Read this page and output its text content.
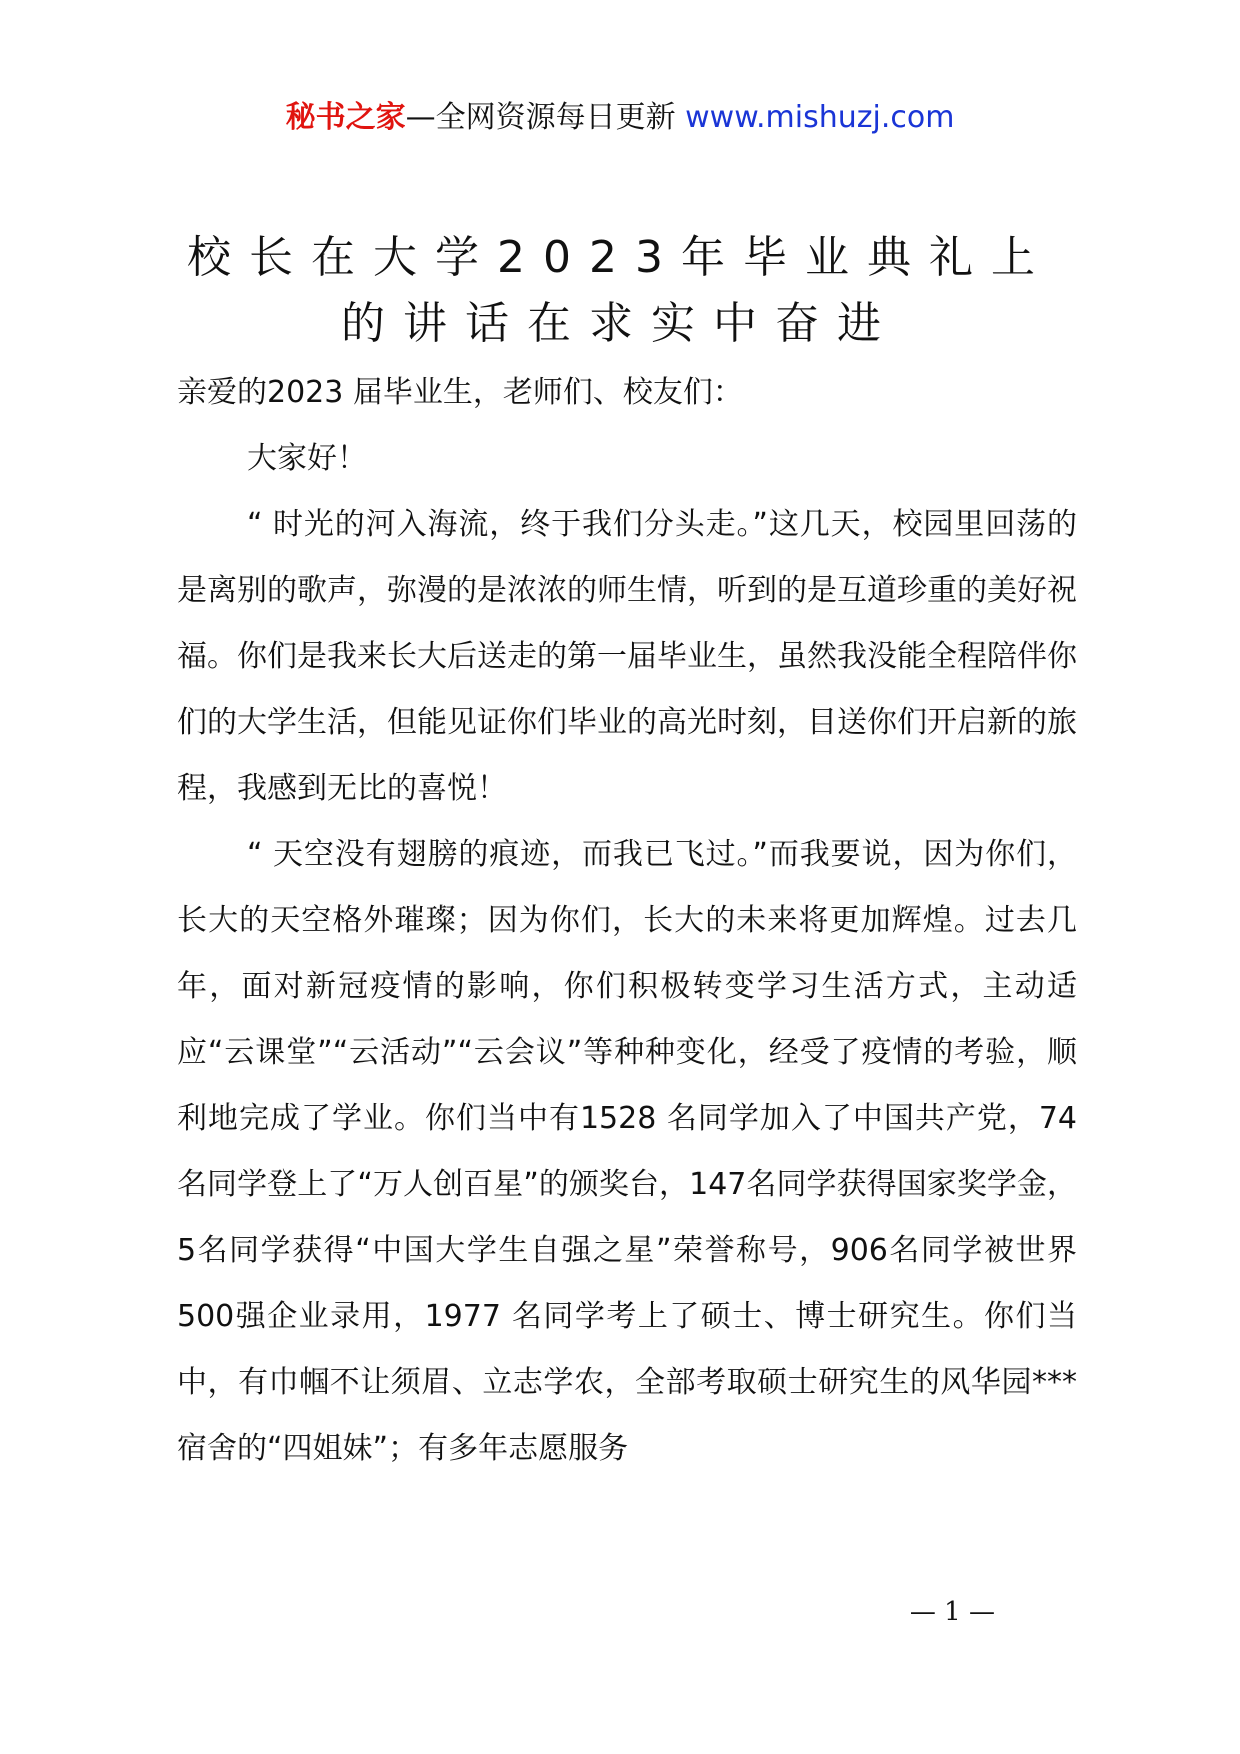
秘书之家—全网资源每日更新 www.mishuzj.com
校长在大学2023年毕业典礼上
的讲话在求实中奋进

亲爱的2023 届毕业生，老师们、校友们：

大家好！

“ 时光的河入海流，终于我们分头走。”这几天，校园里回荡的是离别的歌声，弥漫的是浓浓的师生情，听到的是互道珍重的美好祝福。你们是我来长大后送走的第一届毕业生，虽然我没能全程陪伴你们的大学生活，但能见证你们毕业的高光时刻，目送你们开启新的旅程，我感到无比的喜悦！

“ 天空没有翅膀的痕迹，而我已飞过。”而我要说，因为你们，长大的天空格外璀璨；因为你们，长大的未来将更加辉煌。过去几年，面对新冠疫情的影响，你们积极转变学习生活方式，主动适应“云课堂”“云活动”“云会议”等种种变化，经受了疫情的考验，顺利地完成了学业。你们当中有1528 名同学加入了中国共产党，74 名同学登上了“万人创百星”的颁奖台，147名同学获得国家奖学金，5名同学获得“中国大学生自强之星”荣誉称号，906名同学被世界500强企业录用，1977 名同学考上了硕士、博士研究生。你们当中，有巾帼不让须眉、立志学农，全部考取硕士研究生的风华园*** 宿舍的“四姐妹”；有多年志愿服务

— 1 —
